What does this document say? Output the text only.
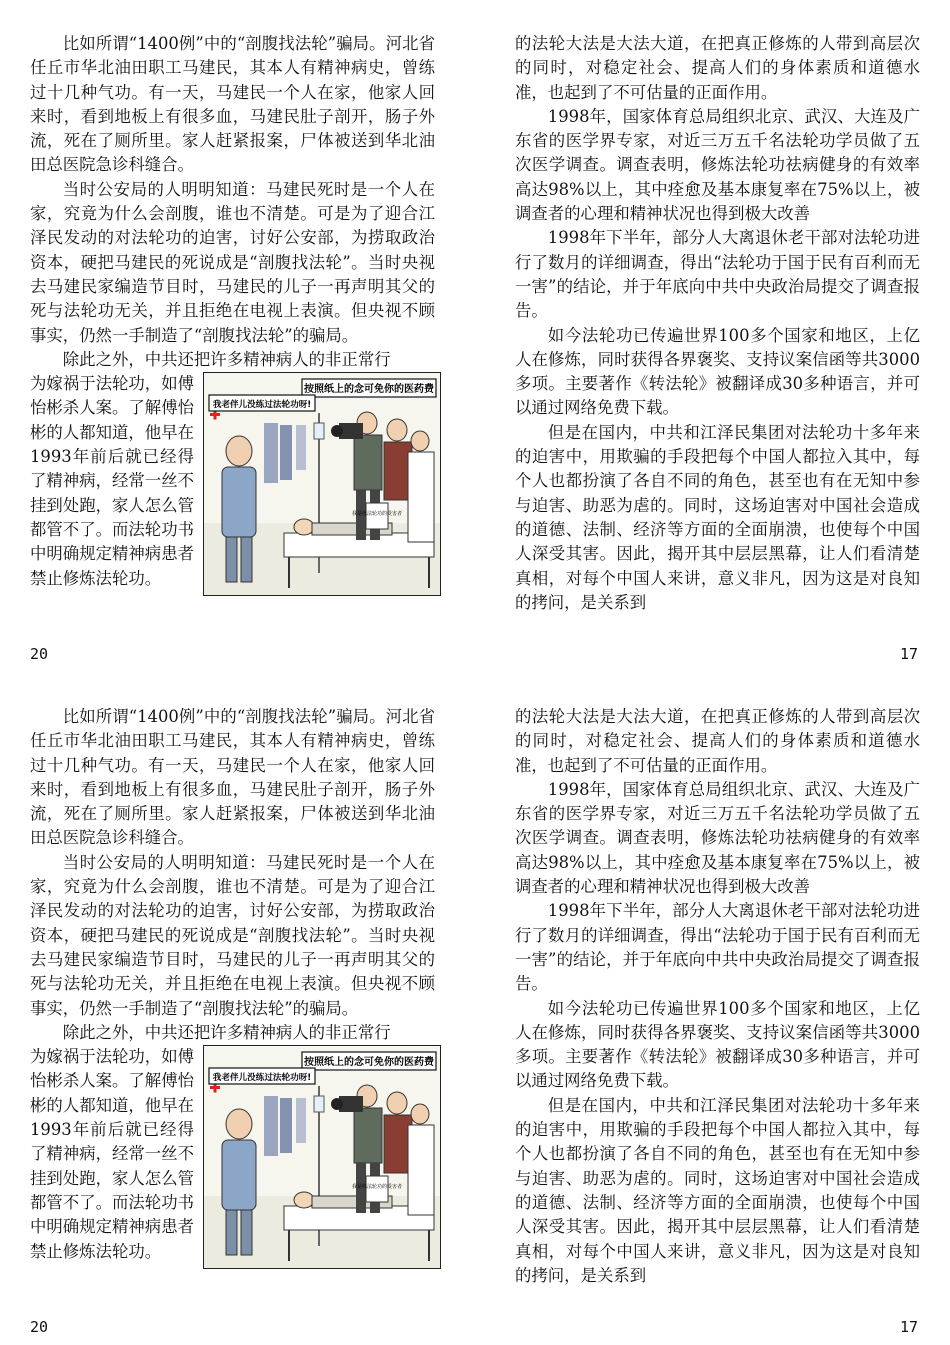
比如所谓“1400例”中的“剖腹找法轮”骗局。河北省任丘市华北油田职工马建民，其本人有精神病史，曾练过十几种气功。有一天，马建民一个人在家，他家人回来时，看到地板上有很多血，马建民肚子剖开，肠子外流，死在了厕所里。家人赶紧报案，尸体被送到华北油田总医院急诊科缝合。

当时公安局的人明明知道：马建民死时是一个人在家，究竟为什么会剖腹，谁也不清楚。可是为了迎合江泽民发动的对法轮功的迫害，讨好公安部，为捞取政治资本，硬把马建民的死说成是“剖腹找法轮”。当时央视去马建民家编造节目时，马建民的儿子一再声明其父的死与法轮功无关，并且拒绝在电视上表演。但央视不顾事实，仍然一手制造了“剖腹找法轮”的骗局。

除此之外，中共还把许多精神病人的非正常行

为嫁祸于法轮功，如傅怡彬杀人案。了解傅怡彬的人都知道，他早在1993年前后就已经得了精神病，经常一丝不挂到处跑，家人怎么管都管不了。而法轮功书中明确规定精神病患者禁止修炼法轮功。
按照纸上的念可免你的医药费
我老伴儿没练过法轮功呀!
我是练法轮功的受害者

的法轮大法是大法大道，在把真正修炼的人带到高层次的同时，对稳定社会、提高人们的身体素质和道德水准，也起到了不可估量的正面作用。

1998年，国家体育总局组织北京、武汉、大连及广东省的医学界专家，对近三万五千名法轮功学员做了五次医学调查。调查表明，修炼法轮功祛病健身的有效率高达98%以上，其中痊愈及基本康复率在75%以上，被调查者的心理和精神状况也得到极大改善

1998年下半年，部分人大离退休老干部对法轮功进行了数月的详细调查，得出“法轮功于国于民有百利而无一害”的结论，并于年底向中共中央政治局提交了调查报告。

如今法轮功已传遍世界100多个国家和地区，上亿人在修炼，同时获得各界褒奖、支持议案信函等共3000多项。主要著作《转法轮》被翻译成30多种语言，并可以通过网络免费下载。

但是在国内，中共和江泽民集团对法轮功十多年来的迫害中，用欺骗的手段把每个中国人都拉入其中，每个人也都扮演了各自不同的角色，甚至也有在无知中参与迫害、助恶为虐的。同时，这场迫害对中国社会造成的道德、法制、经济等方面的全面崩溃，也使每个中国人深受其害。因此，揭开其中层层黑幕，让人们看清楚真相，对每个中国人来讲，意义非凡，因为这是对良知的拷问，是关系到

20	17

比如所谓“1400例”中的“剖腹找法轮”骗局。河北省任丘市华北油田职工马建民，其本人有精神病史，曾练过十几种气功。有一天，马建民一个人在家，他家人回来时，看到地板上有很多血，马建民肚子剖开，肠子外流，死在了厕所里。家人赶紧报案，尸体被送到华北油田总医院急诊科缝合。

当时公安局的人明明知道：马建民死时是一个人在家，究竟为什么会剖腹，谁也不清楚。可是为了迎合江泽民发动的对法轮功的迫害，讨好公安部，为捞取政治资本，硬把马建民的死说成是“剖腹找法轮”。当时央视去马建民家编造节目时，马建民的儿子一再声明其父的死与法轮功无关，并且拒绝在电视上表演。但央视不顾事实，仍然一手制造了“剖腹找法轮”的骗局。

除此之外，中共还把许多精神病人的非正常行

为嫁祸于法轮功，如傅怡彬杀人案。了解傅怡彬的人都知道，他早在1993年前后就已经得了精神病，经常一丝不挂到处跑，家人怎么管都管不了。而法轮功书中明确规定精神病患者禁止修炼法轮功。
按照纸上的念可免你的医药费
我老伴儿没练过法轮功呀!
我是练法轮功的受害者

的法轮大法是大法大道，在把真正修炼的人带到高层次的同时，对稳定社会、提高人们的身体素质和道德水准，也起到了不可估量的正面作用。

1998年，国家体育总局组织北京、武汉、大连及广东省的医学界专家，对近三万五千名法轮功学员做了五次医学调查。调查表明，修炼法轮功祛病健身的有效率高达98%以上，其中痊愈及基本康复率在75%以上，被调查者的心理和精神状况也得到极大改善

1998年下半年，部分人大离退休老干部对法轮功进行了数月的详细调查，得出“法轮功于国于民有百利而无一害”的结论，并于年底向中共中央政治局提交了调查报告。

如今法轮功已传遍世界100多个国家和地区，上亿人在修炼，同时获得各界褒奖、支持议案信函等共3000多项。主要著作《转法轮》被翻译成30多种语言，并可以通过网络免费下载。

但是在国内，中共和江泽民集团对法轮功十多年来的迫害中，用欺骗的手段把每个中国人都拉入其中，每个人也都扮演了各自不同的角色，甚至也有在无知中参与迫害、助恶为虐的。同时，这场迫害对中国社会造成的道德、法制、经济等方面的全面崩溃，也使每个中国人深受其害。因此，揭开其中层层黑幕，让人们看清楚真相，对每个中国人来讲，意义非凡，因为这是对良知的拷问，是关系到

20	17
